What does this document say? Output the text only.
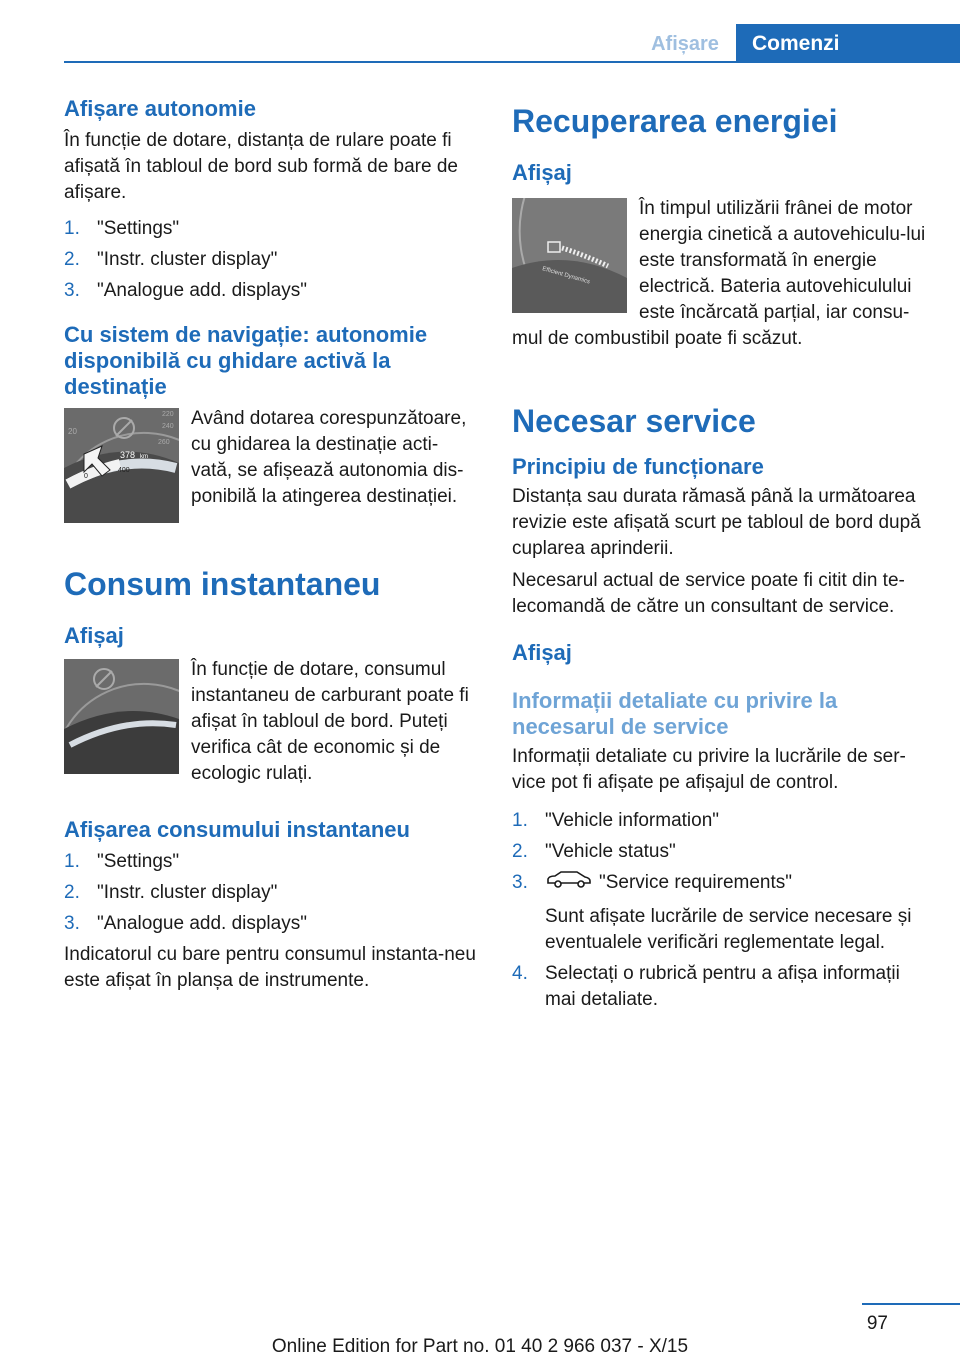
Afișare	Comenzi
Afișare autonomie

În funcție de dotare, distanța de rulare poate fi afișată în tabloul de bord sub formă de bare de afișare.

1. "Settings"
2. "Instr. cluster display"
3. "Analogue add. displays"
Cu sistem de navigație: autonomie disponibilă cu ghidare activă la destinație
378 km
20
220
240
260
0
400

Având dotarea corespunzătoare, cu ghidarea la destinație acti-vată, se afișează autonomia dis-ponibilă la atingerea destinației.

Consum instantaneu
Afișaj

În funcție de dotare, consumul instantaneu de carburant poate fi afișat în tabloul de bord. Puteți verifica cât de economic și de ecologic rulați.

Afișarea consumului instantaneu
1. "Settings"
2. "Instr. cluster display"
3. "Analogue add. displays"

Indicatorul cu bare pentru consumul instanta-neu este afișat în planșa de instrumente.

Recuperarea energiei
Afișaj
Efficient Dynamics

În timpul utilizării frânei de motor energia cinetică a autovehiculu-lui este transformată în energie electrică. Bateria autovehiculului este încărcată parțial, iar consu-mul de combustibil poate fi scăzut.

Necesar service
Principiu de funcționare

Distanța sau durata rămasă până la următoarea revizie este afișată scurt pe tabloul de bord după cuplarea aprinderii.

Necesarul actual de service poate fi citit din te-lecomandă de către un consultant de service.

Afișaj
Informații detaliate cu privire la necesarul de service

Informații detaliate cu privire la lucrările de ser-vice pot fi afișate pe afișajul de control.

1. "Vehicle information"
2. "Vehicle status"
3.	"Service requirements"
Sunt afișate lucrările de service necesare și eventualele verificări reglementate legal.
4. Selectați o rubrică pentru a afișa informații mai detaliate.
97
Online Edition for Part no. 01 40 2 966 037 - X/15
